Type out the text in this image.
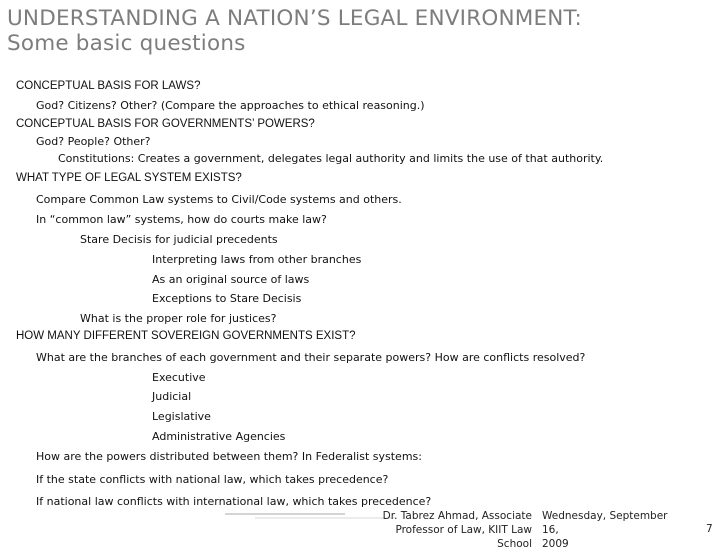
UNDERSTANDING A NATION’S LEGAL ENVIRONMENT:
Some basic questions
CONCEPTUAL BASIS FOR LAWS?
God? Citizens? Other? (Compare the approaches to ethical reasoning.)
CONCEPTUAL BASIS FOR GOVERNMENTS’ POWERS?
God? People? Other?
Constitutions: Creates a government, delegates legal authority and limits the use of that authority.
WHAT TYPE OF LEGAL SYSTEM EXISTS?
Compare Common Law systems to Civil/Code systems and others.
In “common law” systems, how do courts make law?
Stare Decisis for judicial precedents
Interpreting laws from other branches
As an original source of laws
Exceptions to Stare Decisis
What is the proper role for justices?
HOW MANY DIFFERENT SOVEREIGN GOVERNMENTS EXIST?
What are the branches of each government and their separate powers? How are conflicts resolved?
Executive
Judicial
Legislative
Administrative Agencies
How are the powers distributed between them? In Federalist systems:
If the state conflicts with national law, which takes precedence?
If national law conflicts with international law, which takes precedence?
Dr. Tabrez Ahmad, Associate
Professor of Law, KIIT Law School
Wednesday, September 16,
2009
7
